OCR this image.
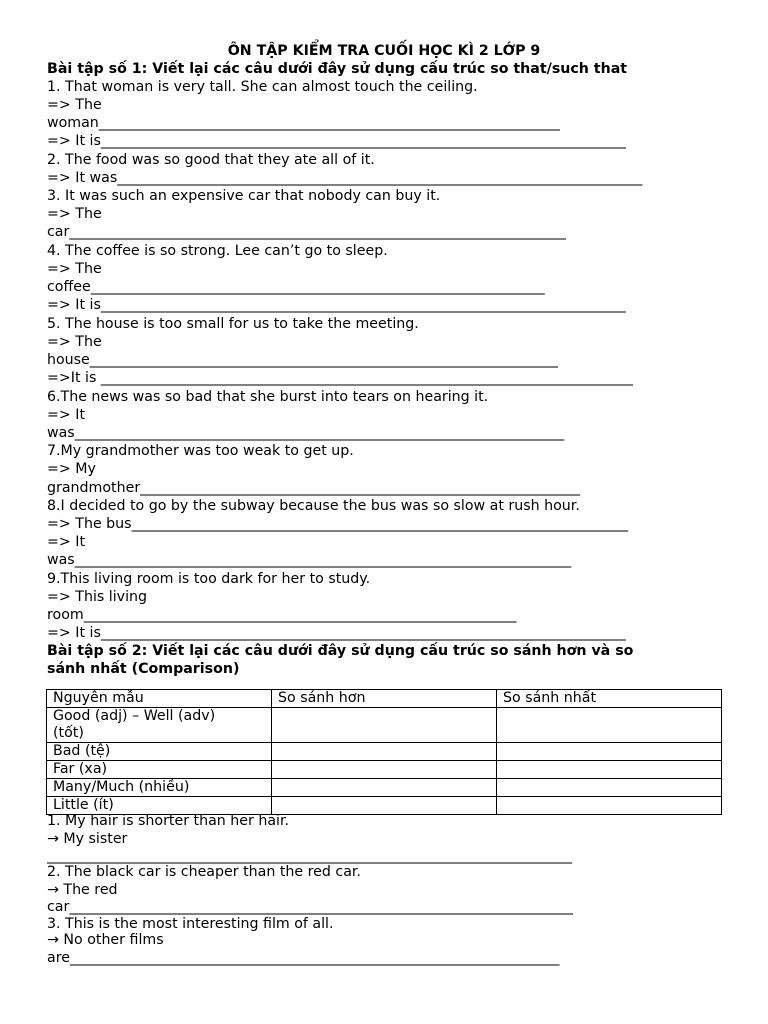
ÔN TẬP KIỂM TRA CUỐI HỌC KÌ 2 LỚP 9
Bài tập số 1: Viết lại các câu dưới đây sử dụng cấu trúc so that/such that
1. That woman is very tall. She can almost touch the ceiling.
=> The
woman_________________________________________________________________
=> It is__________________________________________________________________________
2. The food was so good that they ate all of it.
=> It was__________________________________________________________________________
3. It was such an expensive car that nobody can buy it.
=> The
car______________________________________________________________________
4. The coffee is so strong. Lee can’t go to sleep.
=> The
coffee________________________________________________________________
=> It is__________________________________________________________________________
5. The house is too small for us to take the meeting.
=> The
house__________________________________________________________________
=>It is ___________________________________________________________________________
6.The news was so bad that she burst into tears on hearing it.
=> It
was_____________________________________________________________________
7.My grandmother was too weak to get up.
=> My
grandmother______________________________________________________________
8.I decided to go by the subway because the bus was so slow at rush hour.
=> The bus______________________________________________________________________
=> It
was______________________________________________________________________
9.This living room is too dark for her to study.
=> This living
room_____________________________________________________________
=> It is__________________________________________________________________________
Bài tập số 2: Viết lại các câu dưới đây sử dụng cấu trúc so sánh hơn và so
sánh nhất (Comparison)
Nguyên mẫu	So sánh hơn	So sánh nhất

Good (adj) – Well (adv)
(tốt)		

Bad (tệ)		
Far (xa)		
Many/Much (nhiều)		
Little (ít)		
1. My hair is shorter than her hair.
→ My sister
__________________________________________________________________________
2. The black car is cheaper than the red car.
→ The red
car_______________________________________________________________________
3. This is the most interesting film of all.
→ No other films
are_____________________________________________________________________
